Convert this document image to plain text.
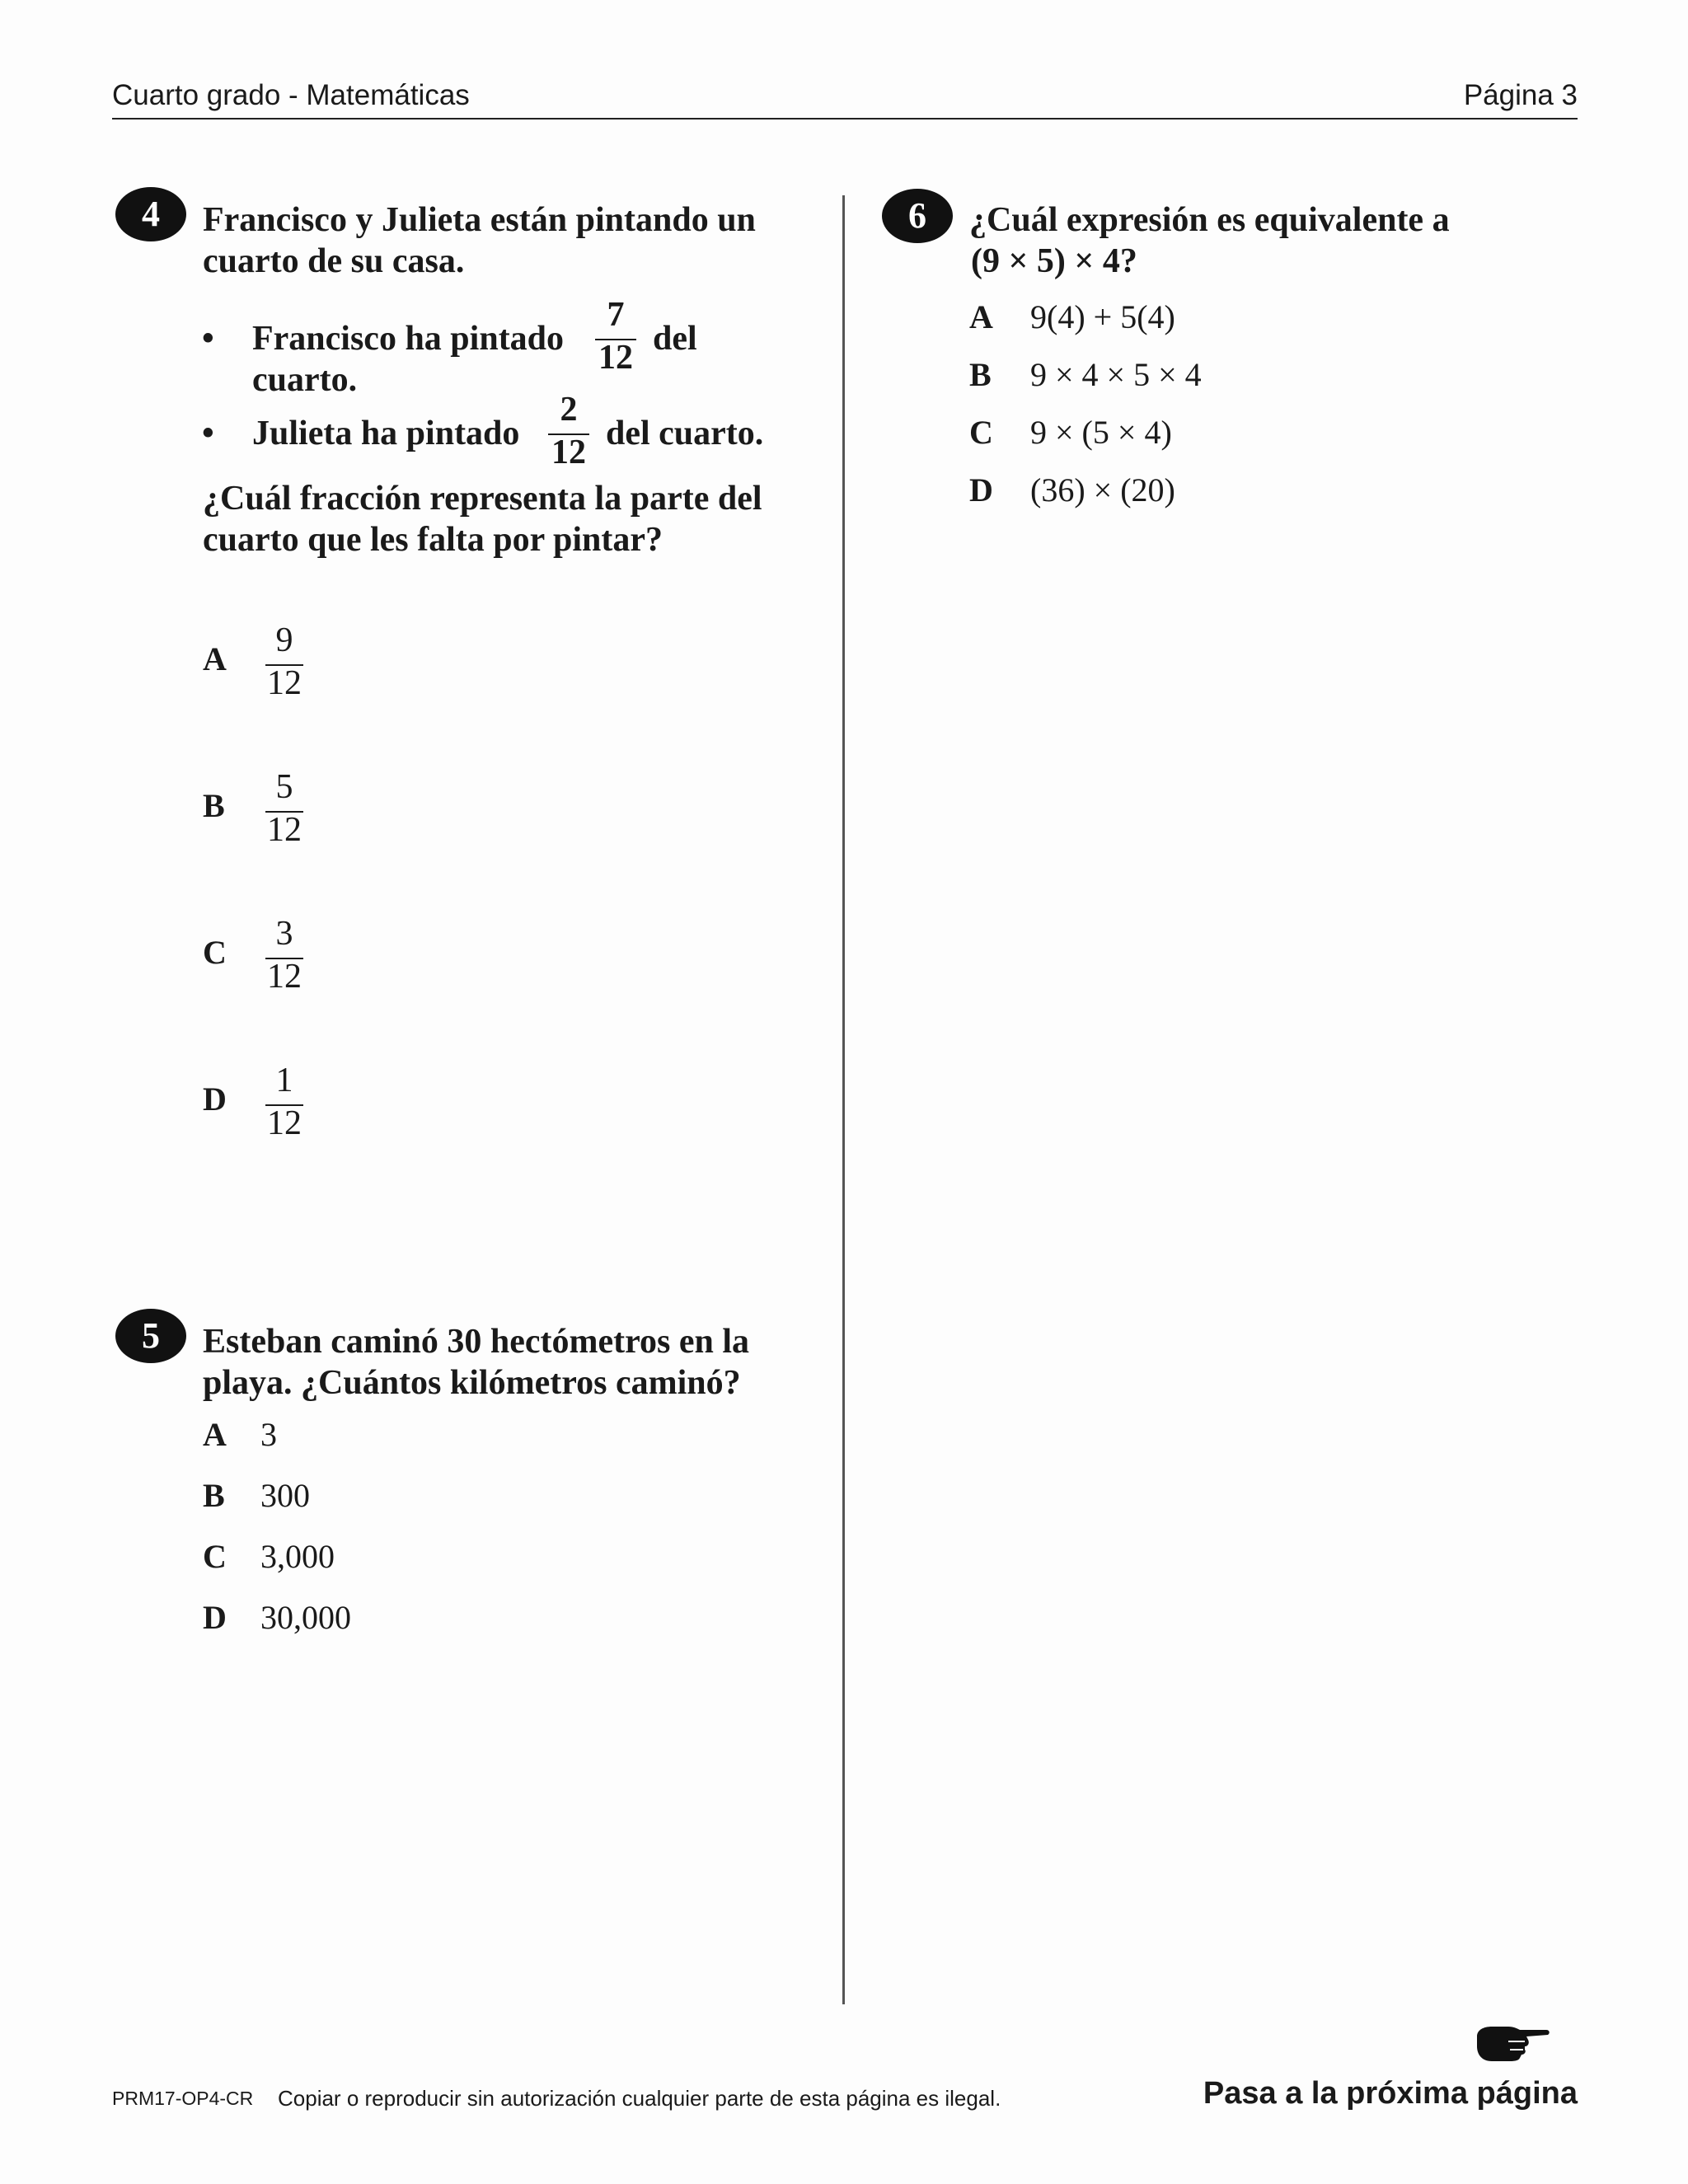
Cuarto grado - Matemáticas	Página 3
4	Francisco y Julieta están pintando un
cuarto de su casa.
• Francisco ha pintado
7
12 del
cuarto.
• Julieta ha pintado
2
12 del cuarto.
¿Cuál fracción representa la parte del
cuarto que les falta por pintar?
A 9
12
B 5
12
C 3
12
D 1
12
5	Esteban caminó 30 hectómetros en la
playa. ¿Cuántos kilómetros caminó?
A 3
B 300
C 3,000
D 30,000
6	¿Cuál expresión es equivalente a
(9 × 5) × 4?
A 9(4) + 5(4)
B 9 × 4 × 5 × 4
C 9 × (5 × 4)
D (36) × (20)
PRM17-OP4-CR Copiar o reproducir sin autorización cualquier parte de esta página es ilegal.	Pasa a la próxima página
